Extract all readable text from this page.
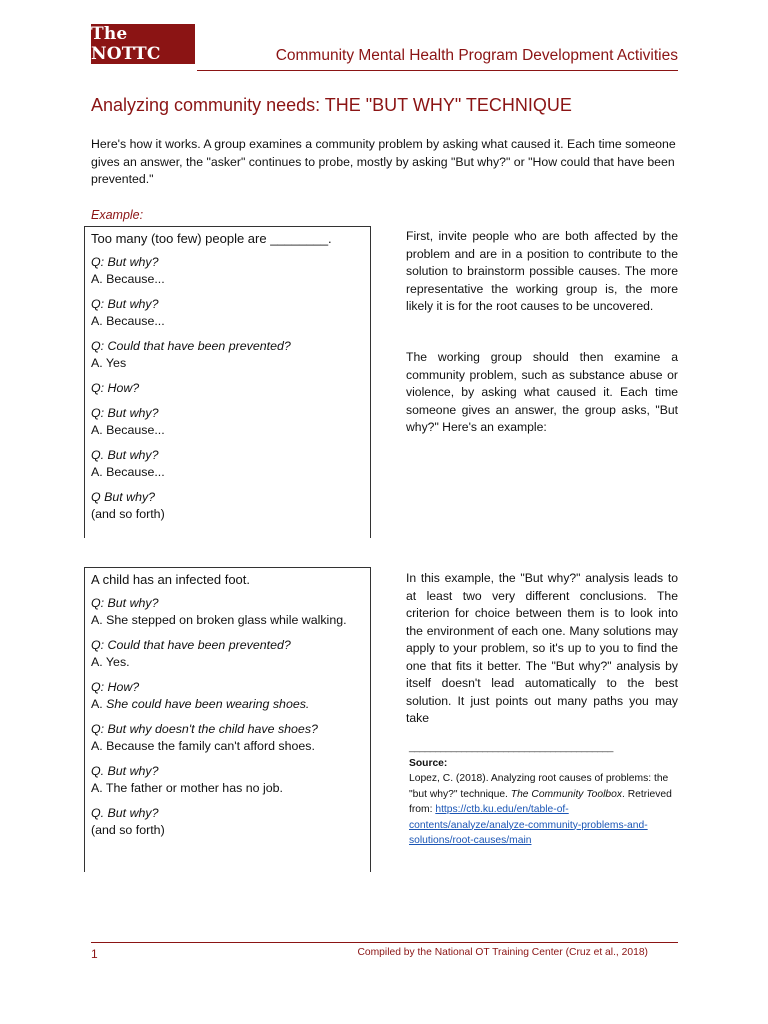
The NOTTC	Community Mental Health Program Development Activities
Analyzing community needs: THE "BUT WHY" TECHNIQUE
Here's how it works. A group examines a community problem by asking what caused it. Each time someone gives an answer, the "asker" continues to probe, mostly by asking "But why?" or "How could that have been prevented."
Example:
Too many (too few) people are ________.
Q: But why?
A. Because...
Q: But why?
A. Because...
Q: Could that have been prevented?
A. Yes
Q: How?
Q: But why?
A. Because...
Q. But why?
A. Because...
Q But why?
(and so forth)
A child has an infected foot.
Q: But why?
A. She stepped on broken glass while walking.
Q: Could that have been prevented?
A. Yes.
Q: How?
A. She could have been wearing shoes.
Q: But why doesn't the child have shoes?
A. Because the family can't afford shoes.
Q. But why?
A. The father or mother has no job.
Q. But why?
(and so forth)
First, invite people who are both affected by the problem and are in a position to contribute to the solution to brainstorm possible causes. The more representative the working group is, the more likely it is for the root causes to be uncovered.
The working group should then examine a community problem, such as substance abuse or violence, by asking what caused it. Each time someone gives an answer, the group asks, "But why?" Here's an example:
In this example, the "But why?" analysis leads to at least two very different conclusions. The criterion for choice between them is to look into the environment of each one. Many solutions may apply to your problem, so it's up to you to find the one that fits it better. The "But why?" analysis by itself doesn't lead automatically to the best solution. It just points out many paths you may take
_______________________________________
Source:
Lopez, C. (2018). Analyzing root causes of problems: the "but why?" technique. The Community Toolbox. Retrieved from: https://ctb.ku.edu/en/table-of-contents/analyze/analyze-community-problems-and-solutions/root-causes/main
1	Compiled by the National OT Training Center (Cruz et al., 2018)
